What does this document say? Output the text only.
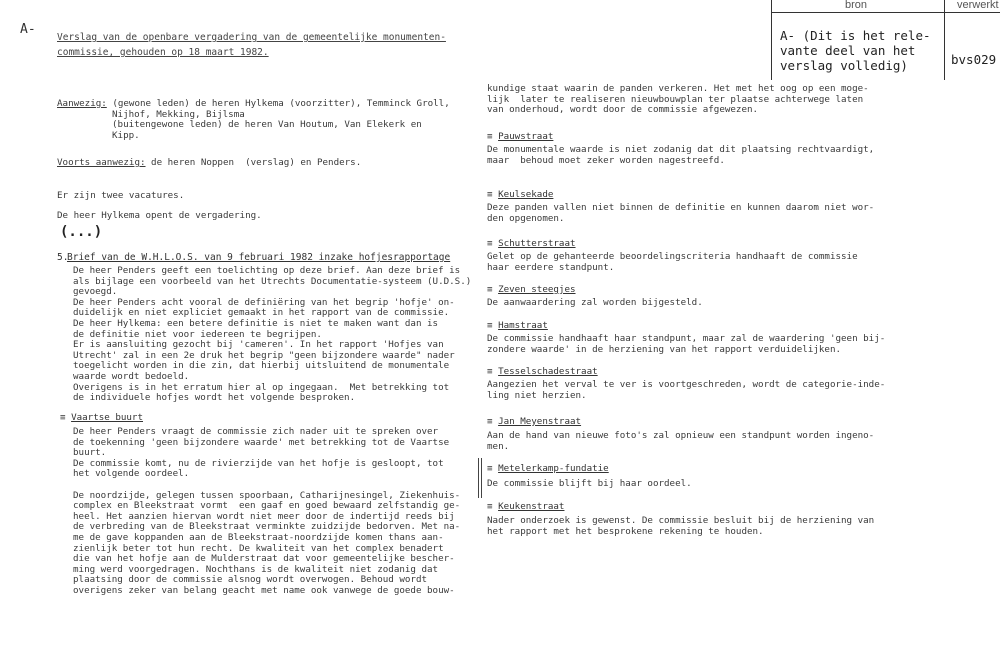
A-
bron	verwerkt
A- (Dit is het rele-
vante deel van het
verslag volledig)	bvs029
Verslag van de openbare vergadering van de gemeentelijke monumenten-
commissie, gehouden op 18 maart 1982.
Aanwezig: (gewone leden) de heren Hylkema (voorzitter), Temminck Groll,
Nijhof, Mekking, Bijlsma
(buitengewone leden) de heren Van Houtum, Van Elekerk en
Kipp.
Voorts aanwezig: de heren Noppen  (verslag) en Penders.
Er zijn twee vacatures.
De heer Hylkema opent de vergadering.
(...)
5.
Brief van de W.H.L.O.S. van 9 februari 1982 inzake hofjesrapportage
De heer Penders geeft een toelichting op deze brief. Aan deze brief is
als bijlage een voorbeeld van het Utrechts Documentatie-systeem (U.D.S.)
gevoegd.
De heer Penders acht vooral de definiëring van het begrip 'hofje' on-
duidelijk en niet expliciet gemaakt in het rapport van de commissie.
De heer Hylkema: een betere definitie is niet te maken want dan is
de definitie niet voor iedereen te begrijpen.
Er is aansluiting gezocht bij 'cameren'. In het rapport 'Hofjes van
Utrecht' zal in een 2e druk het begrip "geen bijzondere waarde" nader
toegelicht worden in die zin, dat hierbij uitsluitend de monumentale
waarde wordt bedoeld.
Overigens is in het erratum hier al op ingegaan.  Met betrekking tot
de individuele hofjes wordt het volgende besproken.
≡ Vaartse buurt
De heer Penders vraagt de commissie zich nader uit te spreken over
de toekenning 'geen bijzondere waarde' met betrekking tot de Vaartse
buurt.
De commissie komt, nu de rivierzijde van het hofje is gesloopt, tot
het volgende oordeel.

De noordzijde, gelegen tussen spoorbaan, Catharijnesingel, Ziekenhuis-
complex en Bleekstraat vormt  een gaaf en goed bewaard zelfstandig ge-
heel. Het aanzien hiervan wordt niet meer door de indertijd reeds bij
de verbreding van de Bleekstraat verminkte zuidzijde bedorven. Met na-
me de gave koppanden aan de Bleekstraat-noordzijde komen thans aan-
zienlijk beter tot hun recht. De kwaliteit van het complex benadert
die van het hofje aan de Mulderstraat dat voor gemeentelijke bescher-
ming werd voorgedragen. Nochthans is de kwaliteit niet zodanig dat
plaatsing door de commissie alsnog wordt overwogen. Behoud wordt
overigens zeker van belang geacht met name ook vanwege de goede bouw-
kundige staat waarin de panden verkeren. Het met het oog op een moge-
lijk  later te realiseren nieuwbouwplan ter plaatse achterwege laten
van onderhoud, wordt door de commissie afgewezen.
≡ Pauwstraat
De monumentale waarde is niet zodanig dat dit plaatsing rechtvaardigt,
maar  behoud moet zeker worden nagestreefd.
≡ Keulsekade
Deze panden vallen niet binnen de definitie en kunnen daarom niet wor-
den opgenomen.
≡ Schutterstraat
Gelet op de gehanteerde beoordelingscriteria handhaaft de commissie
haar eerdere standpunt.
≡ Zeven steegjes
De aanwaardering zal worden bijgesteld.
≡ Hamstraat
De commissie handhaaft haar standpunt, maar zal de waardering 'geen bij-
zondere waarde' in de herziening van het rapport verduidelijken.
≡ Tesselschadestraat
Aangezien het verval te ver is voortgeschreden, wordt de categorie-inde-
ling niet herzien.
≡ Jan Meyenstraat
Aan de hand van nieuwe foto's zal opnieuw een standpunt worden ingeno-
men.
≡ Metelerkamp-fundatie
De commissie blijft bij haar oordeel.
≡ Keukenstraat
Nader onderzoek is gewenst. De commissie besluit bij de herziening van
het rapport met het besprokene rekening te houden.
